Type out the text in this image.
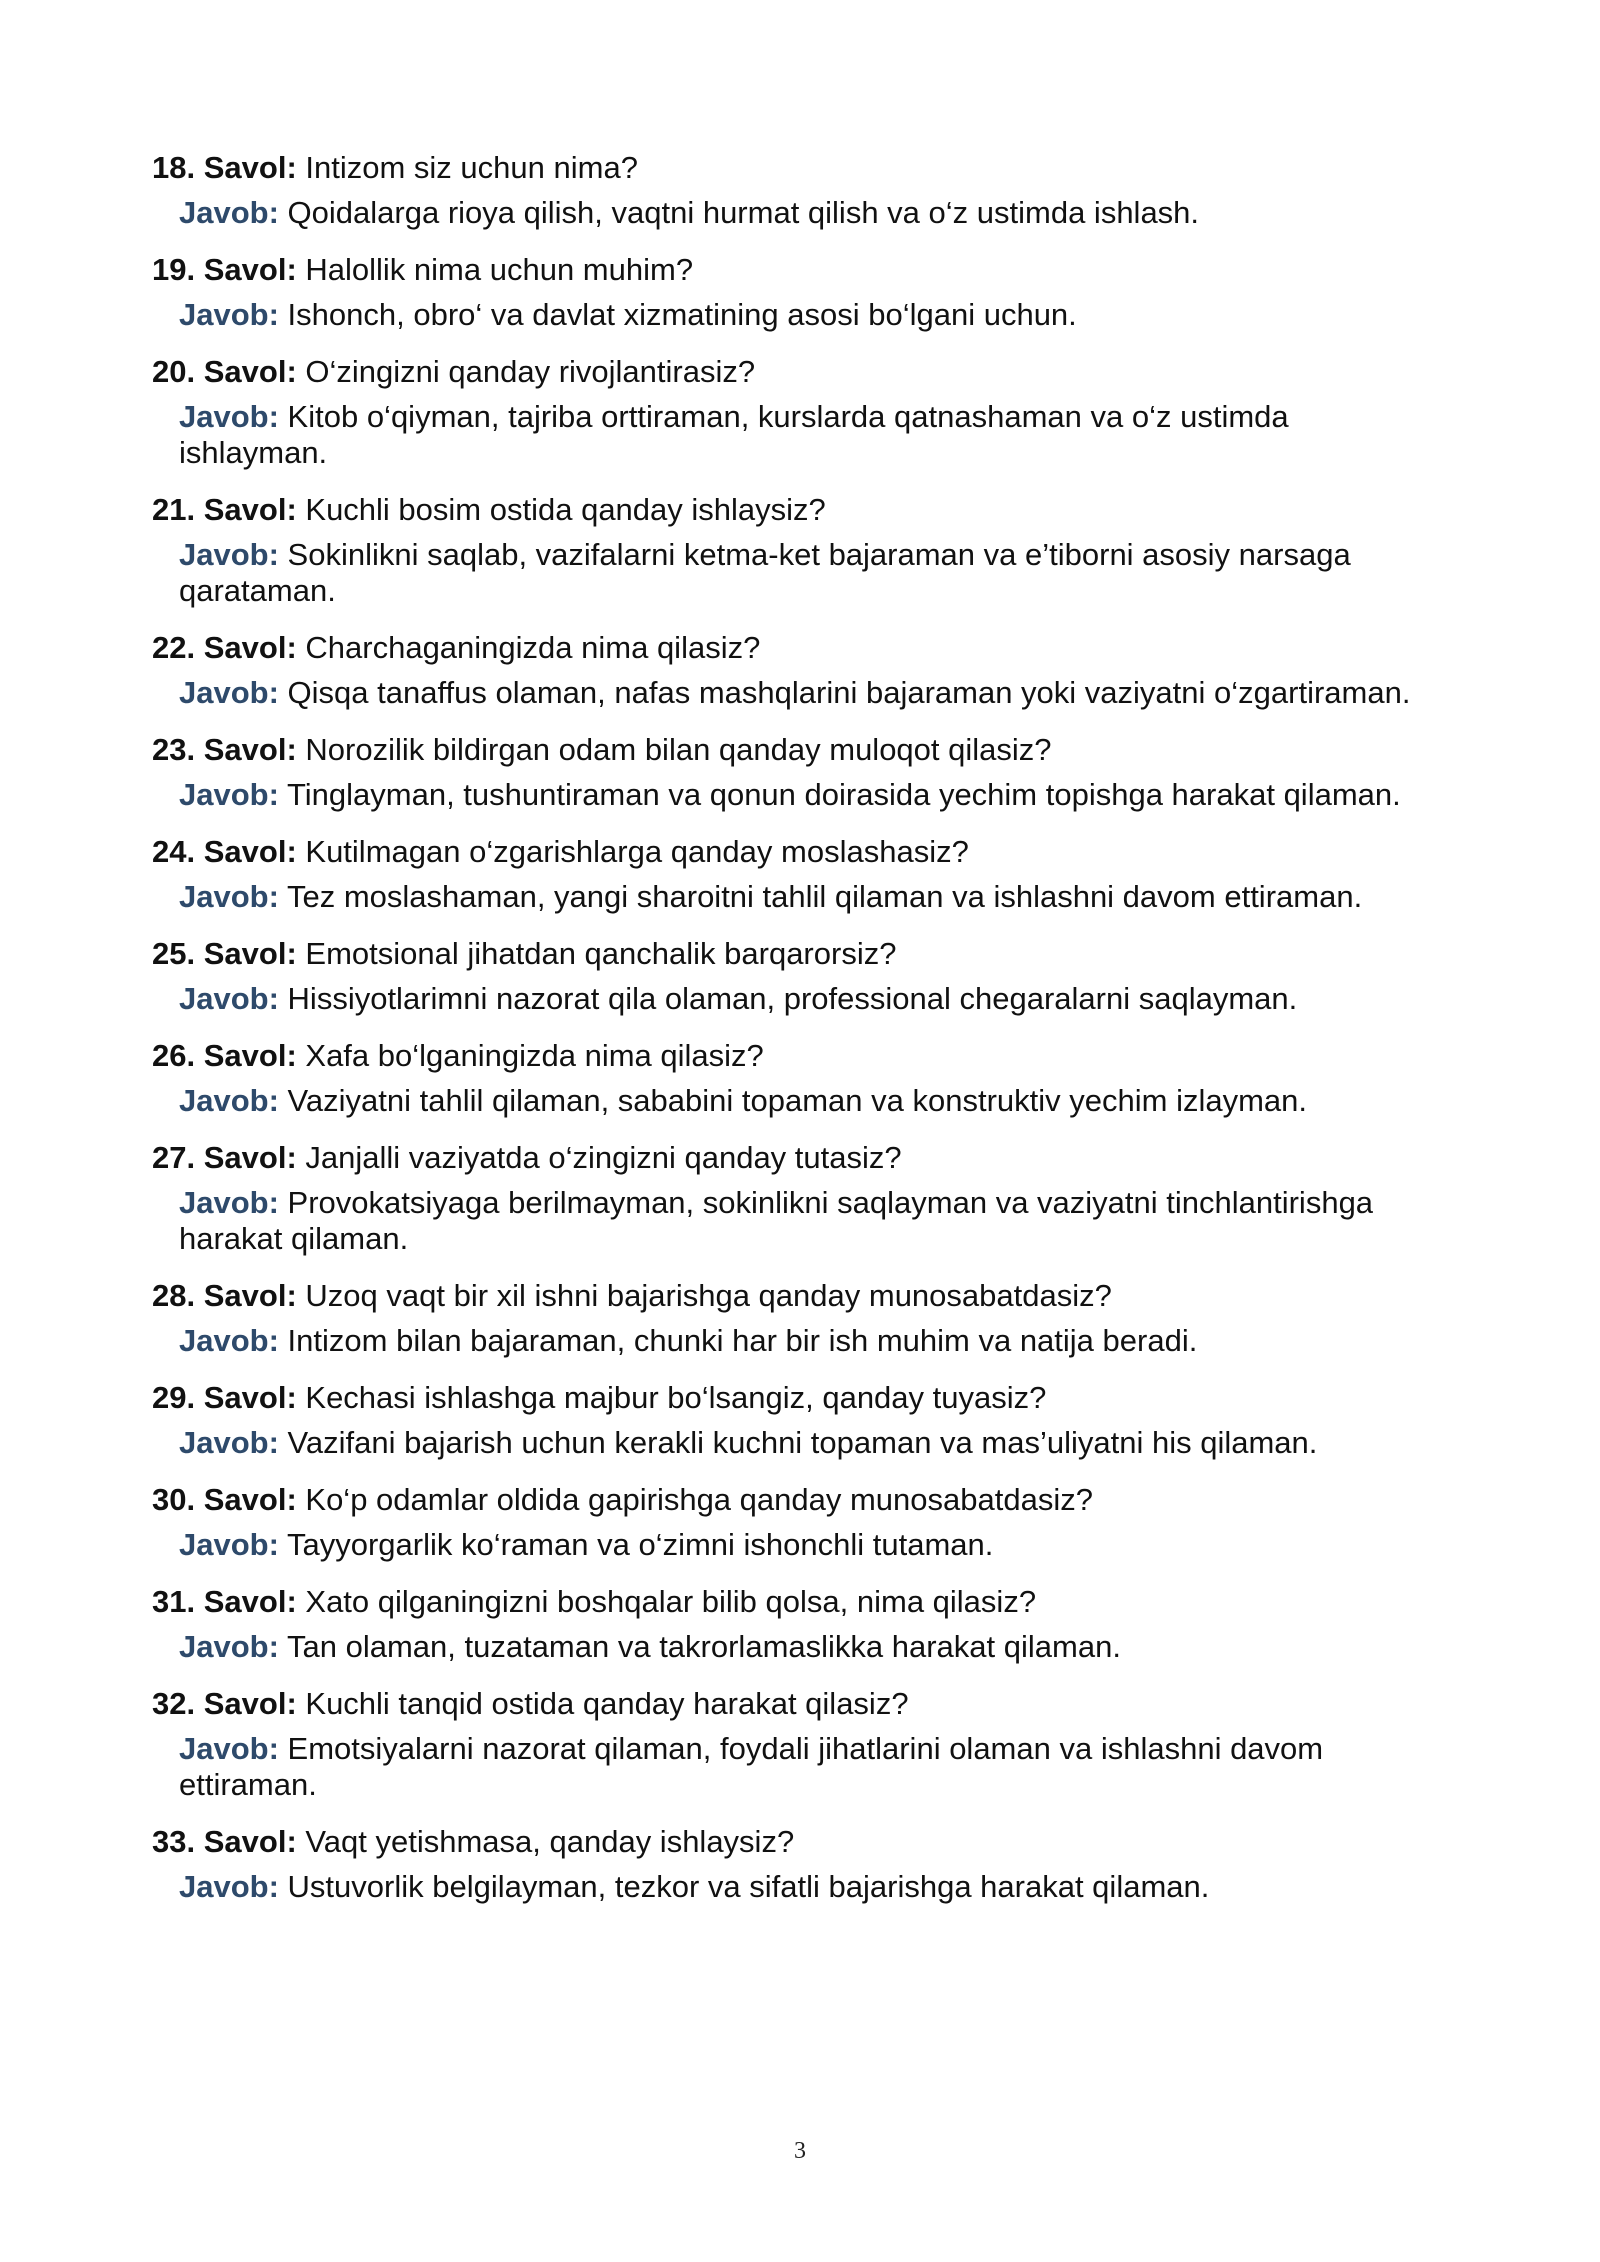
18. Savol: Intizom siz uchun nima?

Javob: Qoidalarga rioya qilish, vaqtni hurmat qilish va o‘z ustimda ishlash.

19. Savol: Halollik nima uchun muhim?

Javob: Ishonch, obro‘ va davlat xizmatining asosi bo‘lgani uchun.

20. Savol: O‘zingizni qanday rivojlantirasiz?

Javob: Kitob o‘qiyman, tajriba orttiraman, kurslarda qatnashaman va o‘z ustimda ishlayman.

21. Savol: Kuchli bosim ostida qanday ishlaysiz?

Javob: Sokinlikni saqlab, vazifalarni ketma-ket bajaraman va e’tiborni asosiy narsaga qarataman.

22. Savol: Charchaganingizda nima qilasiz?

Javob: Qisqa tanaffus olaman, nafas mashqlarini bajaraman yoki vaziyatni o‘zgartiraman.

23. Savol: Norozilik bildirgan odam bilan qanday muloqot qilasiz?

Javob: Tinglayman, tushuntiraman va qonun doirasida yechim topishga harakat qilaman.

24. Savol: Kutilmagan o‘zgarishlarga qanday moslashasiz?

Javob: Tez moslashaman, yangi sharoitni tahlil qilaman va ishlashni davom ettiraman.

25. Savol: Emotsional jihatdan qanchalik barqarorsiz?

Javob: Hissiyotlarimni nazorat qila olaman, professional chegaralarni saqlayman.

26. Savol: Xafa bo‘lganingizda nima qilasiz?

Javob: Vaziyatni tahlil qilaman, sababini topaman va konstruktiv yechim izlayman.

27. Savol: Janjalli vaziyatda o‘zingizni qanday tutasiz?

Javob: Provokatsiyaga berilmayman, sokinlikni saqlayman va vaziyatni tinchlantirishga harakat qilaman.

28. Savol: Uzoq vaqt bir xil ishni bajarishga qanday munosabatdasiz?

Javob: Intizom bilan bajaraman, chunki har bir ish muhim va natija beradi.

29. Savol: Kechasi ishlashga majbur bo‘lsangiz, qanday tuyasiz?

Javob: Vazifani bajarish uchun kerakli kuchni topaman va mas’uliyatni his qilaman.

30. Savol: Ko‘p odamlar oldida gapirishga qanday munosabatdasiz?

Javob: Tayyorgarlik ko‘raman va o‘zimni ishonchli tutaman.

31. Savol: Xato qilganingizni boshqalar bilib qolsa, nima qilasiz?

Javob: Tan olaman, tuzataman va takrorlamaslikka harakat qilaman.

32. Savol: Kuchli tanqid ostida qanday harakat qilasiz?

Javob: Emotsiyalarni nazorat qilaman, foydali jihatlarini olaman va ishlashni davom ettiraman.

33. Savol: Vaqt yetishmasa, qanday ishlaysiz?

Javob: Ustuvorlik belgilayman, tezkor va sifatli bajarishga harakat qilaman.

3
